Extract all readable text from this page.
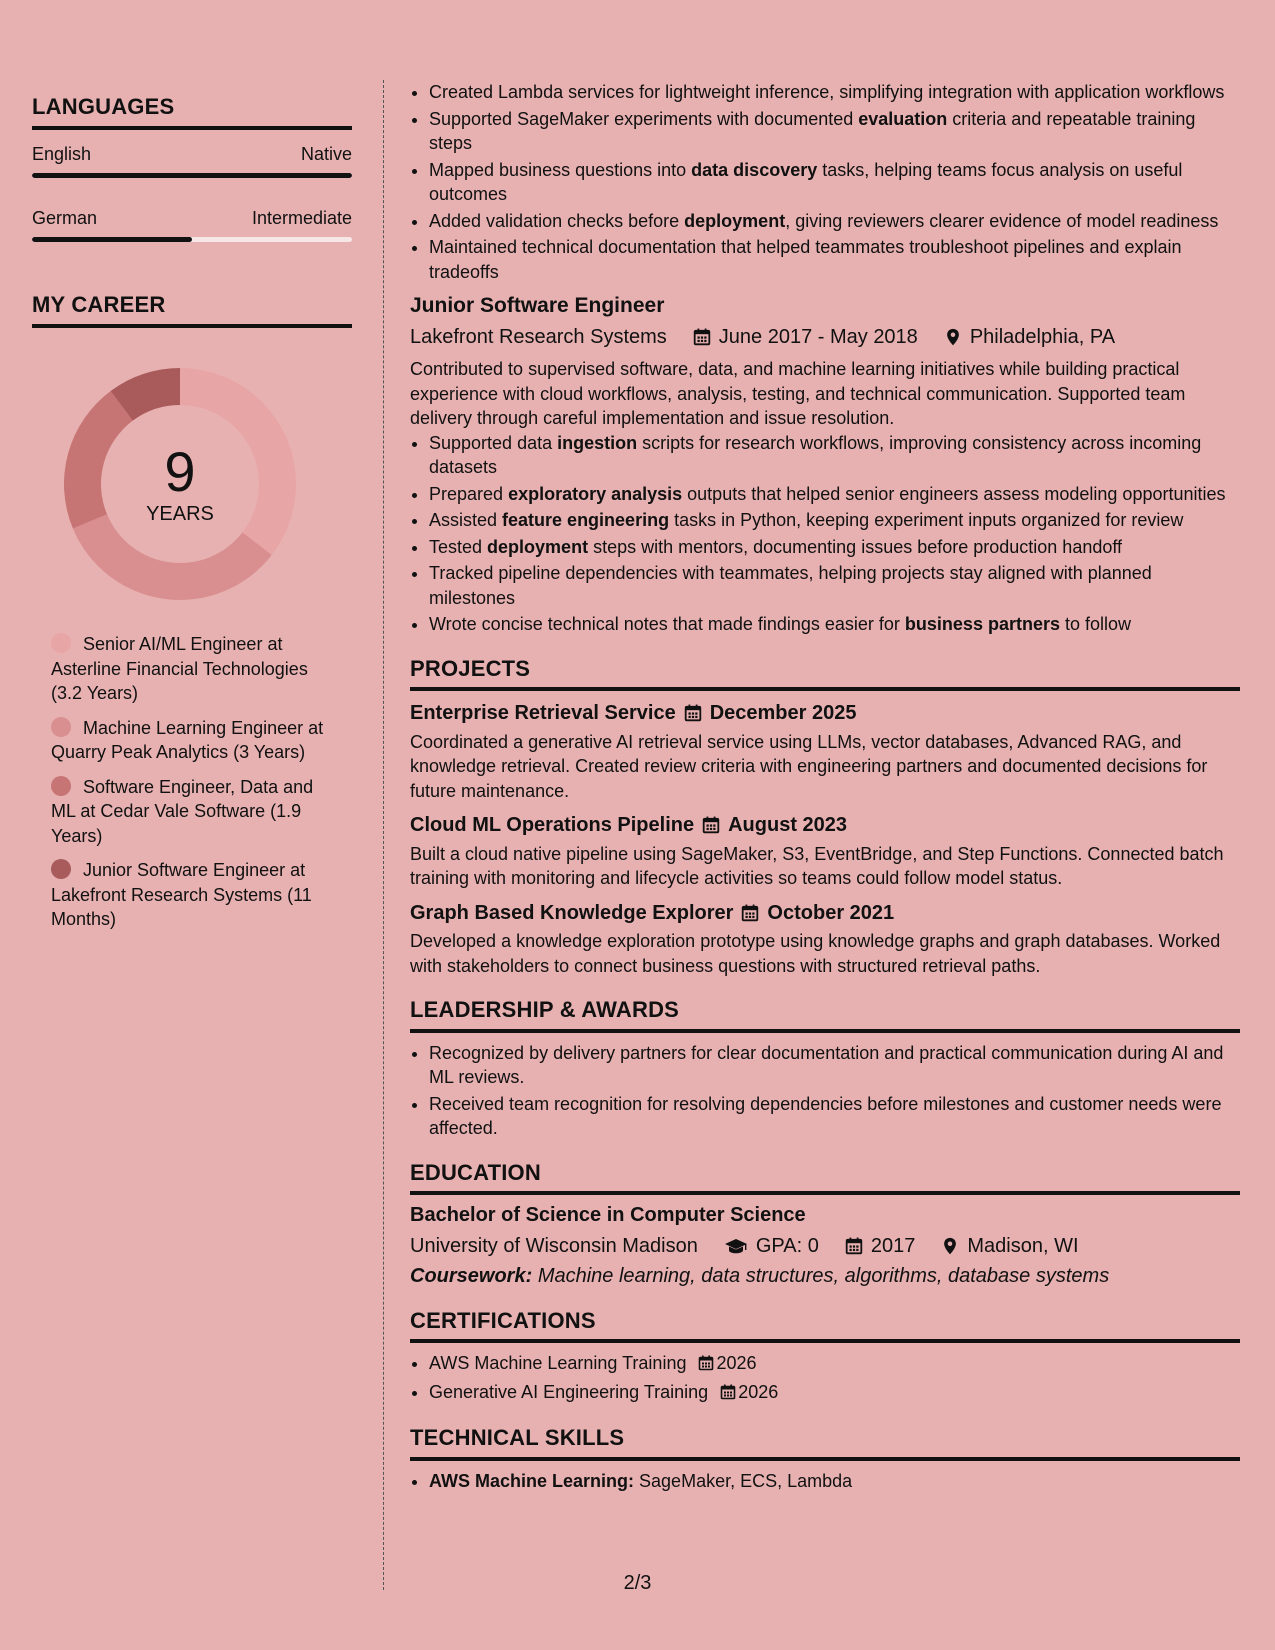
LANGUAGES
English	Native
German	Intermediate
MY CAREER
9
YEARS
Senior AI/ML Engineer at Asterline Financial Technologies (3.2 Years)
Machine Learning Engineer at Quarry Peak Analytics (3 Years)
Software Engineer, Data and ML at Cedar Vale Software (1.9 Years)
Junior Software Engineer at Lakefront Research Systems (11 Months)
• Created Lambda services for lightweight inference, simplifying integration with application workflows
• Supported SageMaker experiments with documented evaluation criteria and repeatable training steps
• Mapped business questions into data discovery tasks, helping teams focus analysis on useful outcomes
• Added validation checks before deployment, giving reviewers clearer evidence of model readiness
• Maintained technical documentation that helped teammates troubleshoot pipelines and explain tradeoffs
Junior Software Engineer
Lakefront Research Systems	June 2017 - May 2018	Philadelphia, PA
Contributed to supervised software, data, and machine learning initiatives while building practical experience with cloud workflows, analysis, testing, and technical communication. Supported team delivery through careful implementation and issue resolution.
• Supported data ingestion scripts for research workflows, improving consistency across incoming datasets
• Prepared exploratory analysis outputs that helped senior engineers assess modeling opportunities
• Assisted feature engineering tasks in Python, keeping experiment inputs organized for review
• Tested deployment steps with mentors, documenting issues before production handoff
• Tracked pipeline dependencies with teammates, helping projects stay aligned with planned milestones
• Wrote concise technical notes that made findings easier for business partners to follow
PROJECTS
Enterprise Retrieval Service December 2025
Coordinated a generative AI retrieval service using LLMs, vector databases, Advanced RAG, and knowledge retrieval. Created review criteria with engineering partners and documented decisions for future maintenance.
Cloud ML Operations Pipeline August 2023
Built a cloud native pipeline using SageMaker, S3, EventBridge, and Step Functions. Connected batch training with monitoring and lifecycle activities so teams could follow model status.
Graph Based Knowledge Explorer October 2021
Developed a knowledge exploration prototype using knowledge graphs and graph databases. Worked with stakeholders to connect business questions with structured retrieval paths.
LEADERSHIP & AWARDS
• Recognized by delivery partners for clear documentation and practical communication during AI and ML reviews.
• Received team recognition for resolving dependencies before milestones and customer needs were affected.
EDUCATION
Bachelor of Science in Computer Science
University of Wisconsin Madison	GPA: 0	2017	Madison, WI
Coursework: Machine learning, data structures, algorithms, database systems
CERTIFICATIONS
• AWS Machine Learning Training 2026
• Generative AI Engineering Training 2026
TECHNICAL SKILLS
• AWS Machine Learning: SageMaker, ECS, Lambda
2/3
